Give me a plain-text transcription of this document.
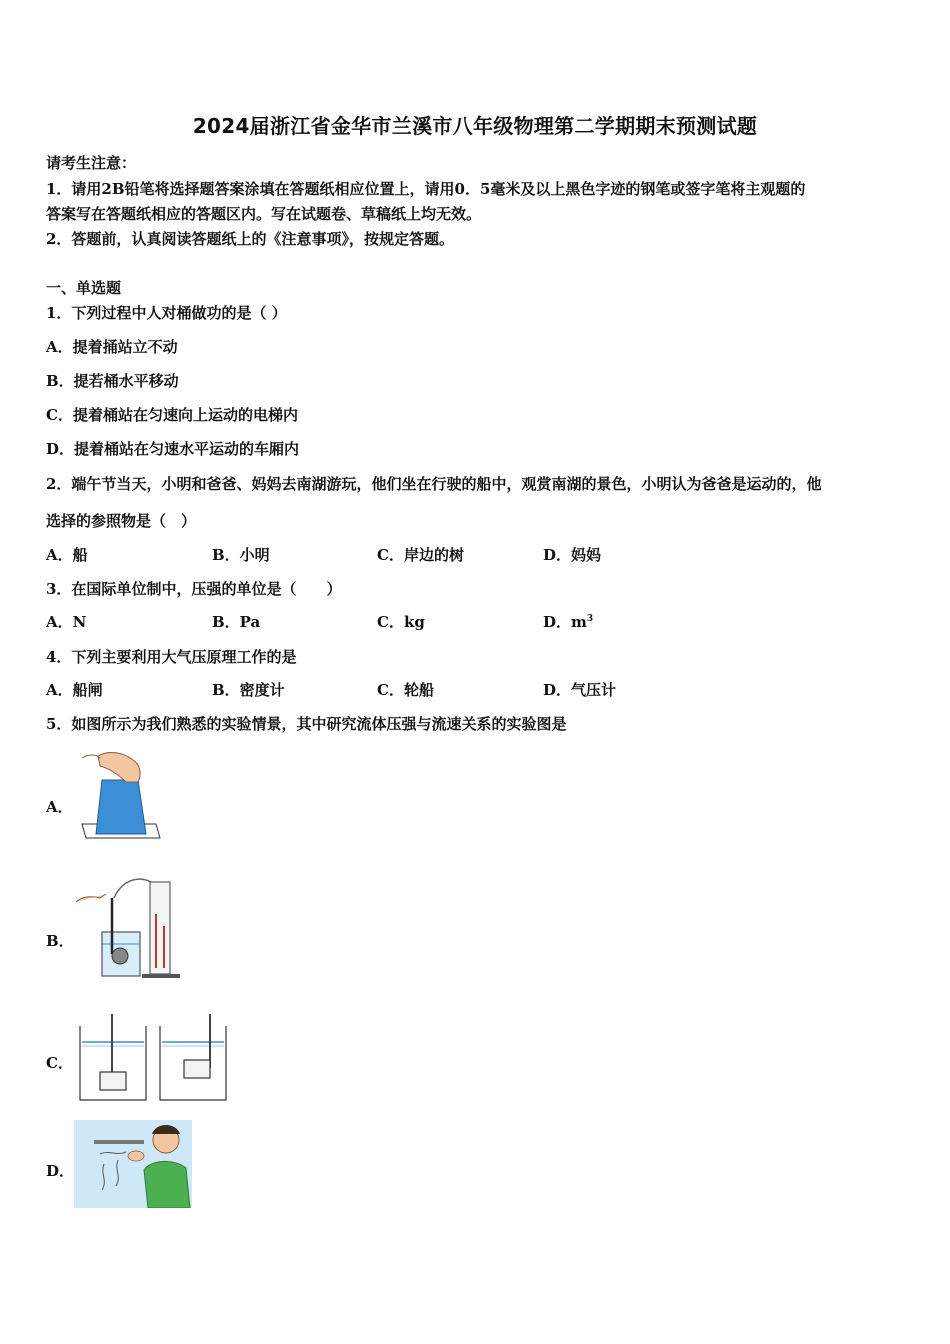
2024届浙江省金华市兰溪市八年级物理第二学期期末预测试题
请考生注意：
1．请用2B铅笔将选择题答案涂填在答题纸相应位置上，请用0．5毫米及以上黑色字迹的钢笔或签字笔将主观题的
答案写在答题纸相应的答题区内。写在试题卷、草稿纸上均无效。
2．答题前，认真阅读答题纸上的《注意事项》，按规定答题。
一、单选题
1．下列过程中人对桶做功的是（ ）
A．提着捅站立不动
B．提若桶水平移动
C．提着桶站在匀速向上运动的电梯内
D．提着桶站在匀速水平运动的车厢内
2．端午节当天，小明和爸爸、妈妈去南湖游玩，他们坐在行驶的船中，观赏南湖的景色，小明认为爸爸是运动的，他
选择的参照物是（　）
A．船	B．小明	C．岸边的树	D．妈妈
3．在国际单位制中，压强的单位是（　　）
A．N	B．Pa	C．kg	D．$m^3$
4．下列主要利用大气压原理工作的是
A．船闸	B．密度计	C．轮船	D．气压计
5．如图所示为我们熟悉的实验情景，其中研究流体压强与流速关系的实验图是
A．
B．
C．
D．
